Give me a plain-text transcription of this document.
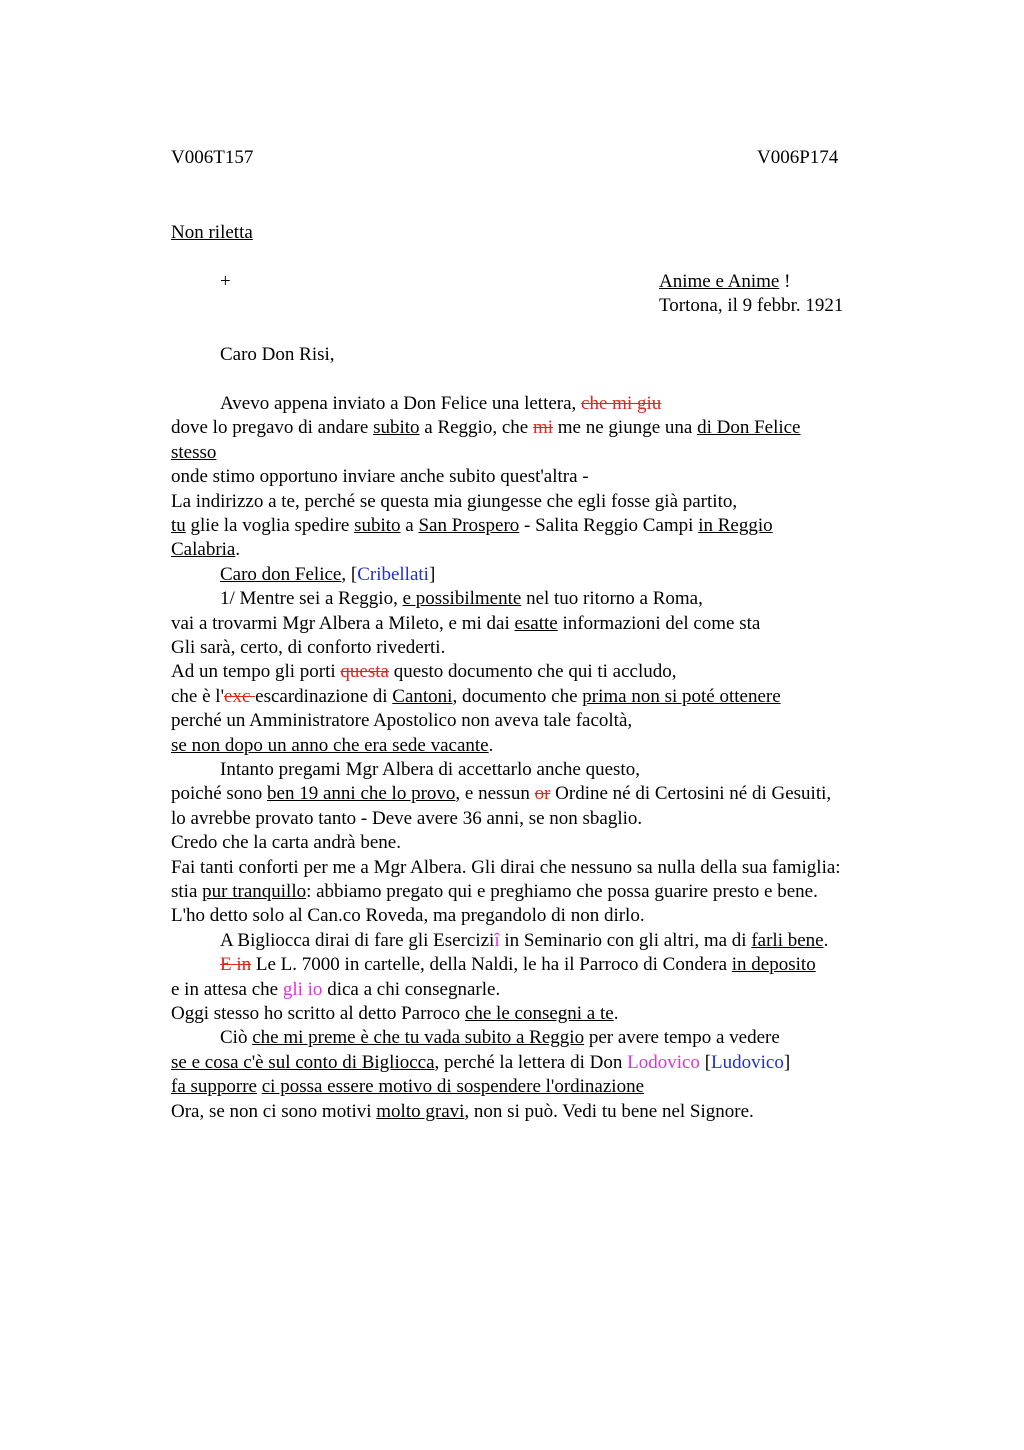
V006T157	V006P174
Non riletta
+	Anime e Anime !
Tortona, il 9 febbr. 1921
Caro Don Risi,
Avevo appena inviato a Don Felice una lettera, che mi giu
dove lo pregavo di andare subito a Reggio, che mi me ne giunge una di Don Felice
stesso
onde stimo opportuno inviare anche subito quest'altra -
La indirizzo a te, perché se questa mia giungesse che egli fosse già partito,
tu glie la voglia spedire subito a San Prospero - Salita Reggio Campi in Reggio
Calabria.
Caro don Felice, [Cribellati]
1/ Mentre sei a Reggio, e possibilmente nel tuo ritorno a Roma,
vai a trovarmi Mgr Albera a Mileto, e mi dai esatte informazioni del come sta
Gli sarà, certo, di conforto rivederti.
Ad un tempo gli porti questa questo documento che qui ti accludo,
che è l'exc escardinazione di Cantoni, documento che prima non si poté ottenere
perché un Amministratore Apostolico non aveva tale facoltà,
se non dopo un anno che era sede vacante.
Intanto pregami Mgr Albera di accettarlo anche questo,
poiché sono ben 19 anni che lo provo, e nessun or Ordine né di Certosini né di Gesuiti,
lo avrebbe provato tanto - Deve avere 36 anni, se non sbaglio.
Credo che la carta andrà bene.
Fai tanti conforti per me a Mgr Albera. Gli dirai che nessuno sa nulla della sua famiglia:
stia pur tranquillo: abbiamo pregato qui e preghiamo che possa guarire presto e bene.
L'ho detto solo al Can.co Roveda, ma pregandolo di non dirlo.
A Bigliocca dirai di fare gli Eserciziî in Seminario con gli altri, ma di farli bene.
E in Le L. 7000 in cartelle, della Naldi, le ha il Parroco di Condera in deposito
e in attesa che gli io dica a chi consegnarle.
Oggi stesso ho scritto al detto Parroco che le consegni a te.
Ciò che mi preme è che tu vada subito a Reggio per avere tempo a vedere
se e cosa c'è sul conto di Bigliocca, perché la lettera di Don Lodovico [Ludovico]
fa supporre ci possa essere motivo di sospendere l'ordinazione
Ora, se non ci sono motivi molto gravi, non si può. Vedi tu bene nel Signore.
